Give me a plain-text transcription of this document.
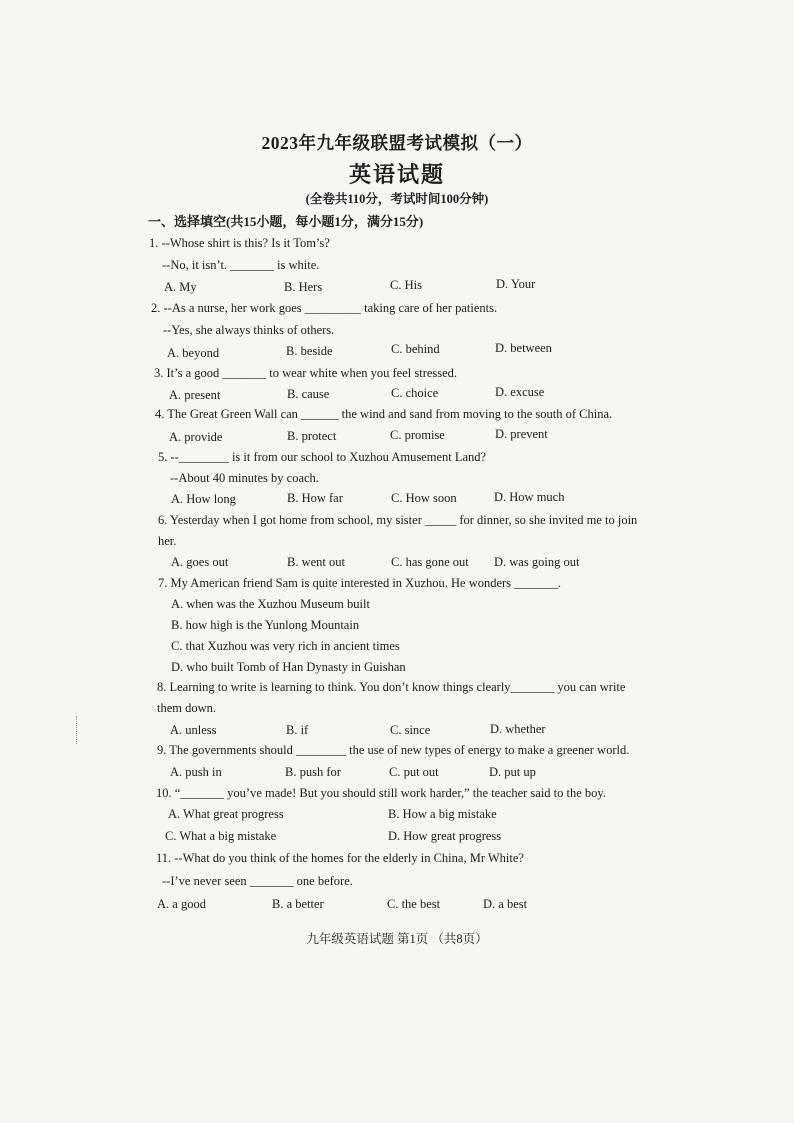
2023年九年级联盟考试模拟（一）
英语试题
(全卷共110分，考试时间100分钟)
一、选择填空(共15小题，每小题1分，满分15分)
1. --Whose shirt is this? Is it Tom’s?
--No, it isn’t. _______ is white.
A. My	B. Hers	C. His	D. Your
2. --As a nurse, her work goes _________ taking care of her patients.
--Yes, she always thinks of others.
A. beyond	B. beside	C. behind	D. between
3. It’s a good _______ to wear white when you feel stressed.
A. present	B. cause	C. choice	D. excuse
4. The Great Green Wall can ______ the wind and sand from moving to the south of China.
A. provide	B. protect	C. promise	D. prevent
5. --________ is it from our school to Xuzhou Amusement Land?
--About 40 minutes by coach.
A. How long	B. How far	C. How soon	D. How much
6. Yesterday when I got home from school, my sister _____ for dinner, so she invited me to join
her.
A. goes out	B. went out	C. has gone out D. was going out
7. My American friend Sam is quite interested in Xuzhou. He wonders _______.
A. when was the Xuzhou Museum built
B. how high is the Yunlong Mountain
C. that Xuzhou was very rich in ancient times
D. who built Tomb of Han Dynasty in Guishan
8. Learning to write is learning to think. You don’t know things clearly_______ you can write
them down.
A. unless	B. if	C. since	D. whether
9. The governments should ________ the use of new types of energy to make a greener world.
A. push in	B. push for	C. put out	D. put up
10. “_______ you’ve made! But you should still work harder,” the teacher said to the boy.
A. What great progress	B. How a big mistake
C. What a big mistake	D. How great progress
11. --What do you think of the homes for the elderly in China, Mr White?
--I’ve never seen _______ one before.
A. a good	B. a better	C. the best	D. a best
九年级英语试题 第1页 （共8页）
